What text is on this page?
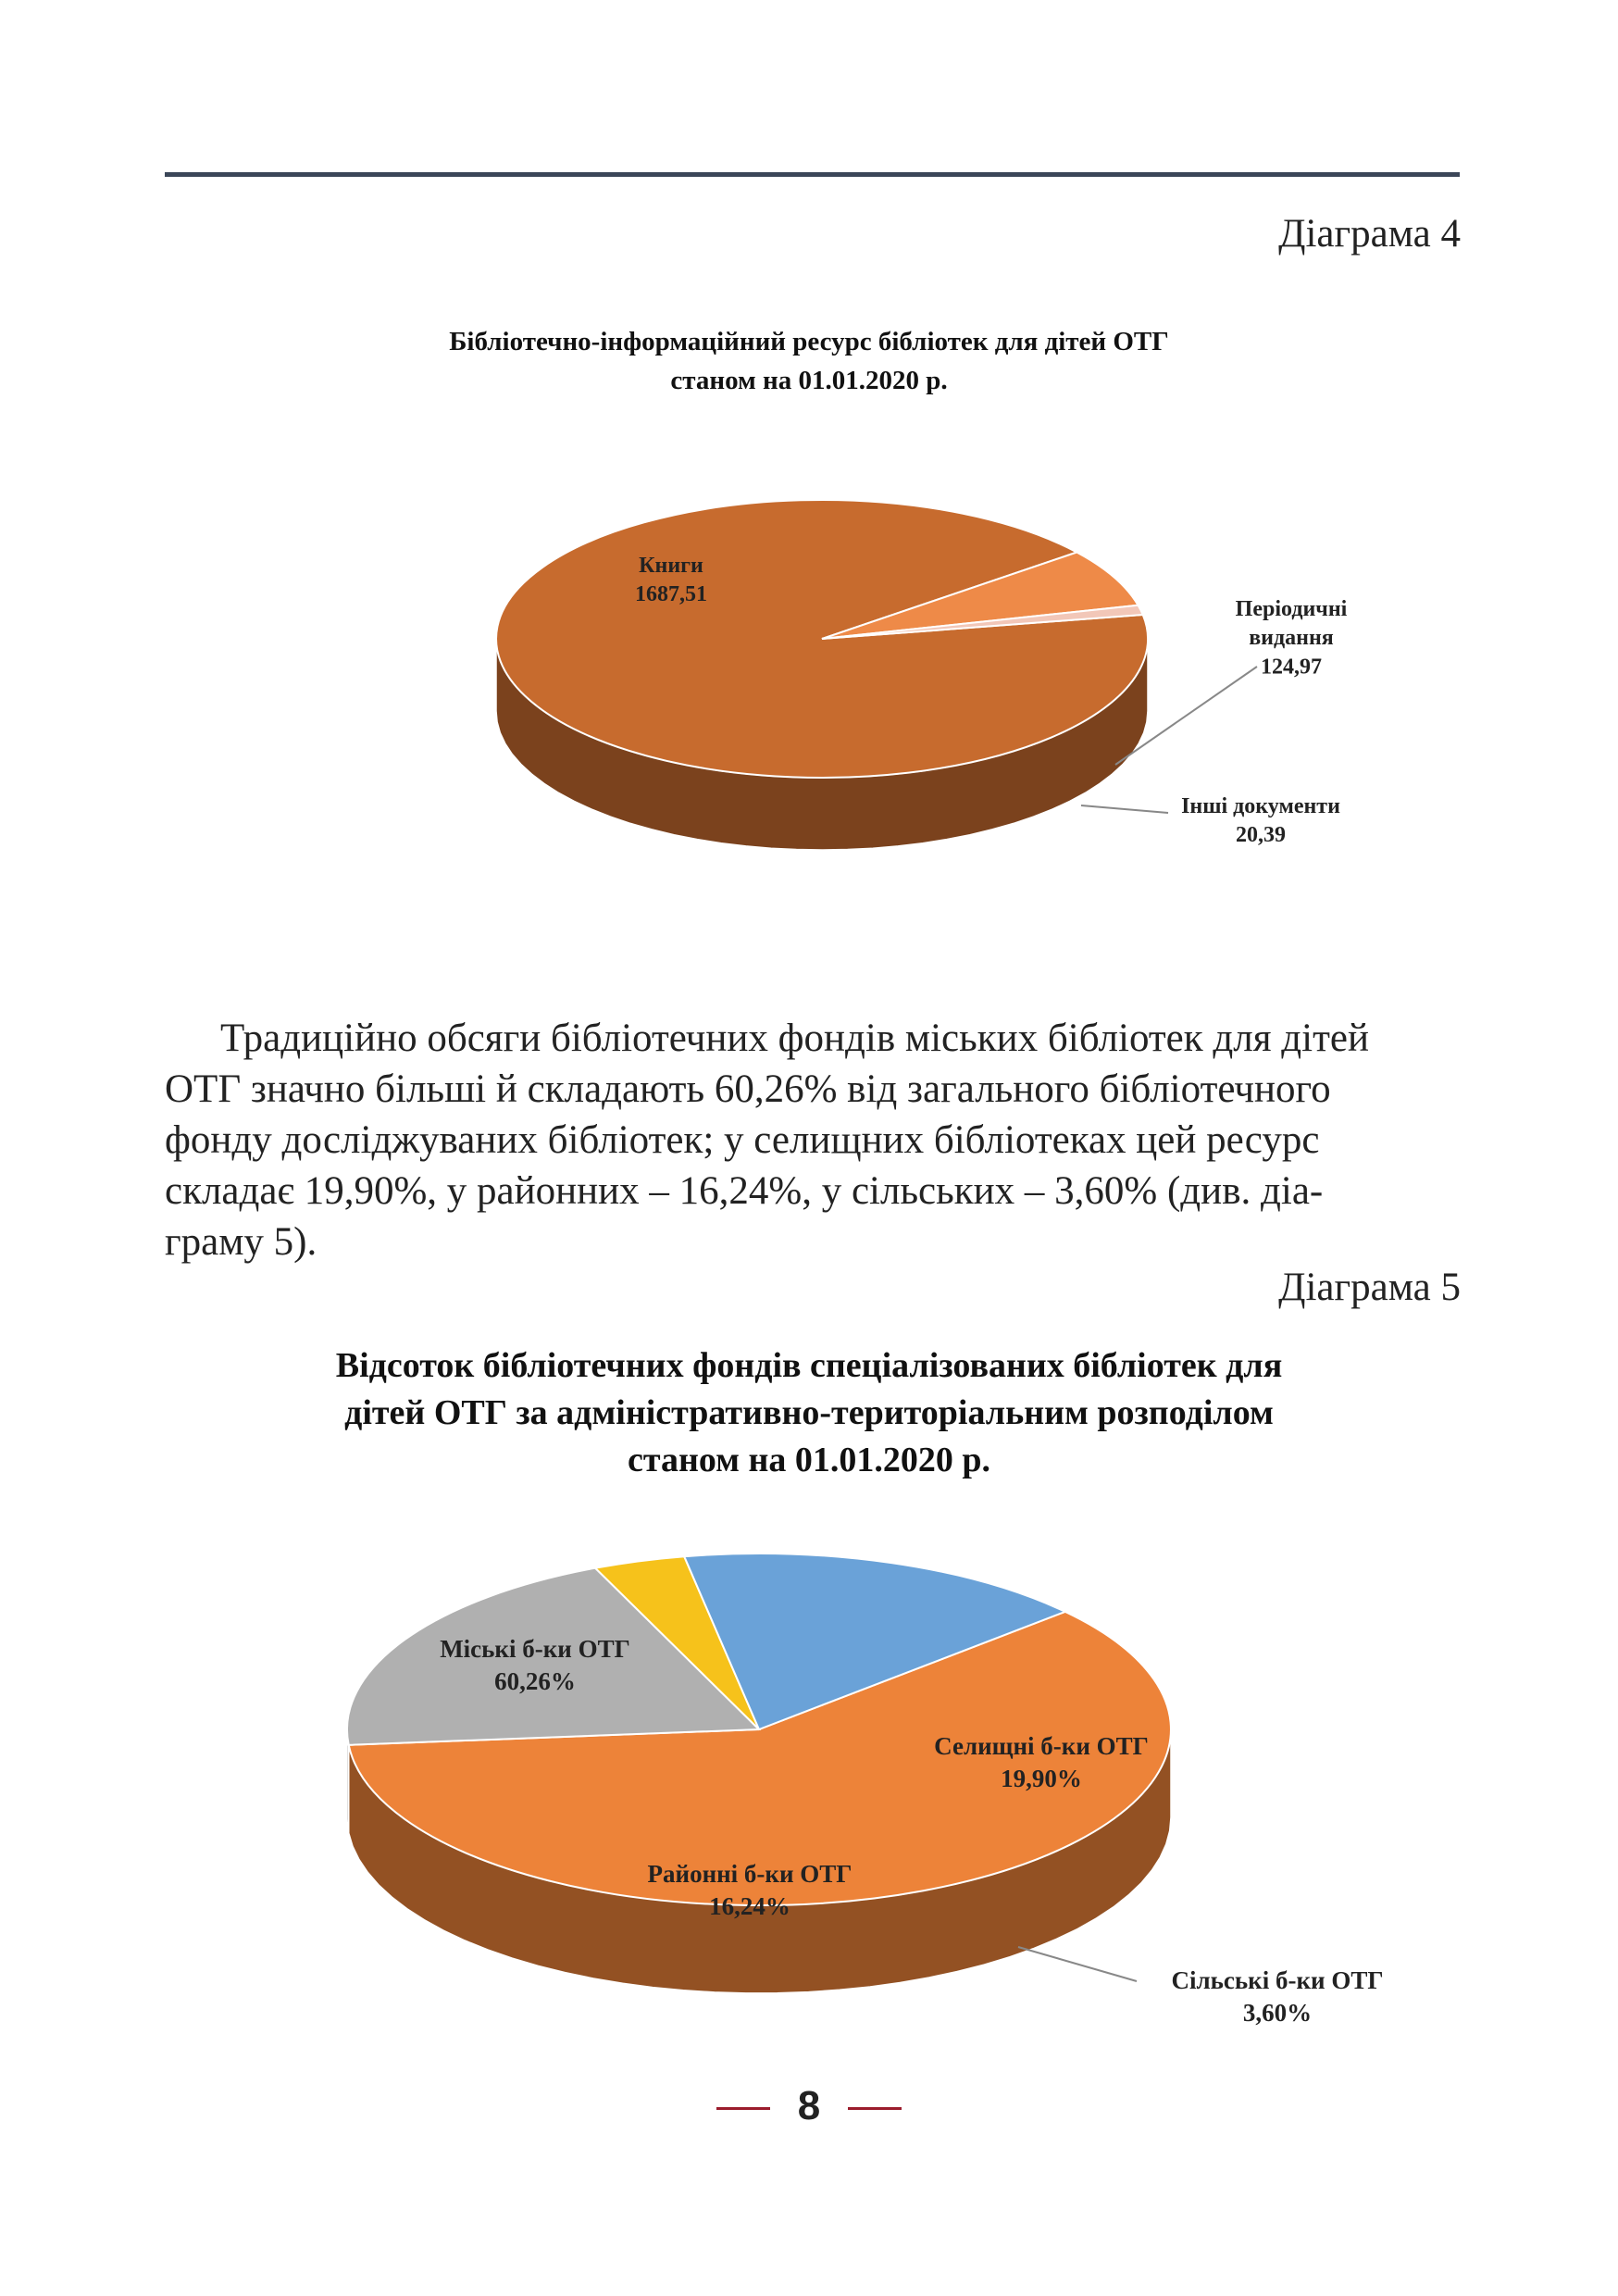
Діаграма 4
Бібліотечно-інформаційний ресурс бібліотек для дітей ОТГ
станом на 01.01.2020 р.
Книги
1687,51
Періодичні
видання
124,97
Інші документи
20,39
Традиційно обсяги бібліотечних фондів міських бібліотек для дітей
ОТГ значно більші й складають 60,26% від загального бібліотечного
фонду досліджуваних бібліотек; у селищних бібліотеках цей ресурс
складає 19,90%, у районних – 16,24%, у сільських – 3,60% (див. діа-
граму 5).
Діаграма 5
Відсоток бібліотечних фондів спеціалізованих бібліотек для
дітей ОТГ за адміністративно-територіальним розподілом
станом на 01.01.2020 р.
Міські б-ки ОТГ
60,26%
Селищні б-ки ОТГ
19,90%
Районні б-ки ОТГ
16,24%
Сільські б-ки ОТГ
3,60%
8
